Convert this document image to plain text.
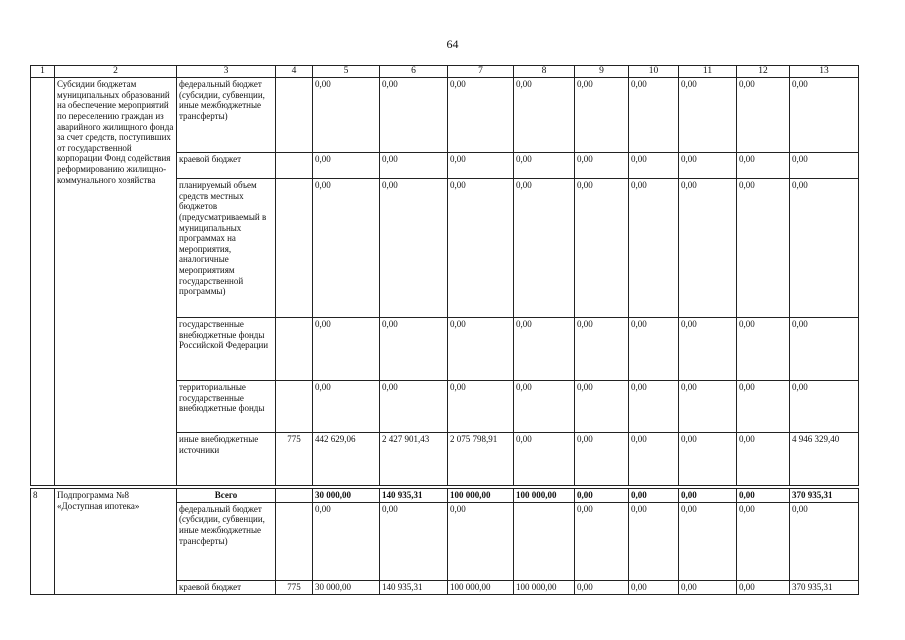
64
1	2	3	4	5	6	7	8	9	10	11	12	13
	Субсидии бюджетам муниципальных образований на обеспечение мероприятий по переселению граждан из аварийного жилищного фонда за счет средств, поступивших от государственной корпорации Фонд содействия реформированию жилищно-коммунального хозяйства	федеральный бюджет (субсидии, субвенции, иные межбюджетные трансферты)		0,00	0,00	0,00	0,00	0,00	0,00	0,00	0,00	0,00
		краевой бюджет		0,00	0,00	0,00	0,00	0,00	0,00	0,00	0,00	0,00
		планируемый объем средств местных бюджетов (предусматриваемый в муниципальных программах на мероприятия, аналогичные мероприятиям государственной программы)		0,00	0,00	0,00	0,00	0,00	0,00	0,00	0,00	0,00
		государственные внебюджетные фонды Российской Федерации		0,00	0,00	0,00	0,00	0,00	0,00	0,00	0,00	0,00
		территориальные государственные внебюджетные фонды		0,00	0,00	0,00	0,00	0,00	0,00	0,00	0,00	0,00
		иные внебюджетные источники	775	442 629,06	2 427 901,43	2 075 798,91	0,00	0,00	0,00	0,00	0,00	4 946 329,40

8	Подпрограмма №8 «Доступная ипотека»	Всего		30 000,00	140 935,31	100 000,00	100 000,00	0,00	0,00	0,00	0,00	370 935,31
		федеральный бюджет (субсидии, субвенции, иные межбюджетные трансферты)		0,00	0,00	0,00		0,00	0,00	0,00	0,00	0,00
		краевой бюджет	775	30 000,00	140 935,31	100 000,00	100 000,00	0,00	0,00	0,00	0,00	370 935,31
